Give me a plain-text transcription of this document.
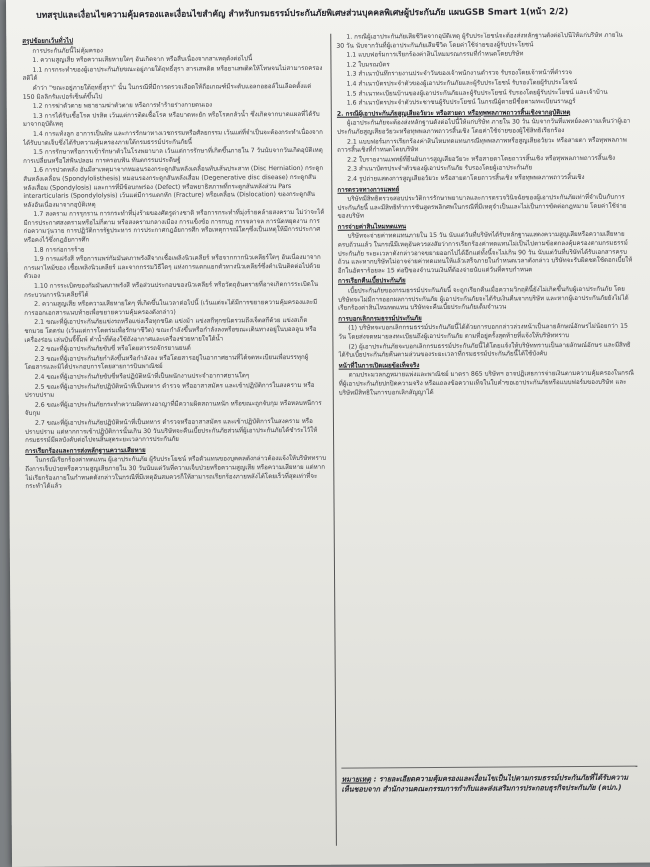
บทสรุปและเงื่อนไขความคุ้มครองและเงื่อนไขสำคัญ สำหรับกรมธรรม์ประกันภัยพิเศษส่วนบุคคลพิเศษผู้ประกันภัย แผนGSB Smart 1(หน้า 2/2)
สรุปข้อยกเว้นทั่วไป

การประกันภัยนี้ไม่คุ้มครอง

1. ความสูญเสีย หรือความเสียหายใดๆ อันเกิดจาก หรือสืบเนื่องจากสาเหตุดังต่อไปนี้

1.1 การกระทำของผู้เอาประกันภัยขณะอยู่ภายใต้ฤทธิ์สุรา สารเสพติด หรือยาเสพติดให้โทษจนไม่สามารถครองสติได้

คำว่า "ขณะอยู่ภายใต้ฤทธิ์สุรา" นั้น ในกรณีที่มีการตรวจเลือดให้ถือเกณฑ์มีระดับแอลกอฮอล์ในเลือดตั้งแต่ 150 มิลลิกรัมเปอร์เซ็นต์ขึ้นไป

1.2 การฆ่าตัวตาย พยายามฆ่าตัวตาย หรือการทำร้ายร่างกายตนเอง

1.3 การได้รับเชื้อโรค ปรสิต เว้นแต่การติดเชื้อโรค หรือบาดทะยัก หรือโรคกลัวน้ำ ซึ่งเกิดจากบาดแผลที่ได้รับมาจากอุบัติเหตุ

1.4 การแท้งลูก อาการเป็นพิษ และการรักษาทางเวชกรรมหรือศัลยกรรม เว้นแต่ที่จำเป็นจะต้องกระทำเนื่องจากได้รับบาดเจ็บซึ่งได้รับความคุ้มครองภายใต้กรมธรรม์ประกันภัยนี้

1.5 การรักษาหรือการเข้ารักษาตัวในโรงพยาบาล เว้นแต่การรักษาที่เกิดขึ้นภายใน 7 วันนับจากวันเกิดอุบัติเหตุ การเปลี่ยนหรือใส่ฟันปลอม การครอบฟัน ทันตกรรมประดิษฐ์

1.6 การปวดหลัง อันมีสาเหตุมาจากหมอนรองกระดูกสันหลังเคลื่อนทับเส้นประสาท (Disc Herniation) กระดูกสันหลังเคลื่อน (Spondylolisthesis) หมอนรองกระดูกสันหลังเสื่อม (Degenerative disc disease) กระดูกสันหลังเสื่อม (Spondylosis) และการที่มีข้อบกพร่อง (Defect) หรือพยาธิสภาพที่กระดูกสันหลังส่วน Pars interarticularis (Spondylolysis) เว้นแต่มีการแตกหัก (Fracture) หรือเคลื่อน (Dislocation) ของกระดูกสันหลังอันเนื่องมาจากอุบัติเหตุ

1.7 สงคราม การรุกราน การกระทำที่มุ่งร้ายของศัตรูต่างชาติ หรือการกระทำที่มุ่งร้ายคล้ายสงคราม ไม่ว่าจะได้มีการประกาศสงครามหรือไม่ก็ตาม หรือสงครามกลางเมือง การแข็งข้อ การกบฏ การจลาจล การนัดหยุดงาน การก่อความวุ่นวาย การปฏิวัติการรัฐประหาร การประกาศกฎอัยการศึก หรือเหตุการณ์ใดๆซึ่งเป็นเหตุให้มีการประกาศหรือคงไว้ซึ่งกฎอัยการศึก

1.8 การก่อการร้าย

1.9 การแผ่รังสี หรือการแพร่กัมมันตภาพรังสีจากเชื้อเพลิงนิวเคลียร์ หรือจากกากนิวเคลียร์ใดๆ อันเนื่องมาจากการเผาไหม้ของ เชื้อเพลิงนิวเคลียร์ และจากกรรมวิธีใดๆ แห่งการแตกแยกตัวทางนิวเคลียร์ซึ่งดำเนินติดต่อไปด้วยตัวเอง

1.10 การระเบิดของกัมมันตภาพรังสี หรือส่วนประกอบของนิวเคลียร์ หรือวัตถุอันตรายที่อาจเกิดการระเบิดในกระบวนการนิวเคลียร์ได้

2. ความสูญเสีย หรือความเสียหายใดๆ ที่เกิดขึ้นในเวลาต่อไปนี้ (เว้นแต่จะได้มีการขยายความคุ้มครองและมีการออกเอกสารแนบท้ายเพื่อขยายความคุ้มครองดังกล่าว)

2.1 ขณะที่ผู้เอาประกันภัยแข่งรถหรือแข่งเรือทุกชนิด แข่งม้า แข่งสกีทุกชนิดรวมถึงเจ็ตสกีด้วย แข่งสเก็ต ชกมวย โดดร่ม (เว้นแต่การโดดร่มเพื่อรักษาชีวิต) ขณะกำลังขึ้นหรือกำลังลงหรือขณะเดินทางอยู่ในบอลลูน หรือเครื่องร่อน เล่นบันจี้จั๊มพ์ ดำน้ำที่ต้องใช้ถังอากาศและเครื่องช่วยหายใจใต้น้ำ

2.2 ขณะที่ผู้เอาประกันภัยขับขี่ หรือโดยสารรถจักรยานยนต์

2.3 ขณะที่ผู้เอาประกันภัยกำลังขึ้นหรือกำลังลง หรือโดยสารอยู่ในอากาศยานที่ได้จดทะเบียนเพื่อบรรทุกผู้โดยสารและมิได้ประกอบการโดยสายการบินพาณิชย์

2.4 ขณะที่ผู้เอาประกันภัยขับขี่หรือปฏิบัติหน้าที่เป็นพนักงานประจำอากาศยานใดๆ

2.5 ขณะที่ผู้เอาประกันภัยปฏิบัติหน้าที่เป็นทหาร ตำรวจ หรืออาสาสมัคร และเข้าปฏิบัติการในสงคราม หรือปราบปราม

2.6 ขณะที่ผู้เอาประกันภัยกระทำความผิดทางอาญาที่มีความผิดสถานหนัก หรือขณะถูกจับกุม หรือหลบหนีการจับกุม

2.7 ขณะที่ผู้เอาประกันภัยปฏิบัติหน้าที่เป็นทหาร ตำรวจหรืออาสาสมัคร และเข้าปฏิบัติการในสงคราม หรือปราบปราม แต่หากการเข้าปฏิบัติการนั้นเกิน 30 วันบริษัทจะคืนเบี้ยประกันภัยส่วนที่ผู้เอาประกันภัยได้ชำระไว้ให้กรมธรรม์มีผลบังคับต่อไปจนสิ้นสุดระยะเวลาการประกันภัย

การเรียกร้องและการส่งหลักฐานความเสียหาย

ในกรณีเรียกร้องค่าทดแทน ผู้เอาประกันภัย ผู้รับประโยชน์ หรือตัวแทนของบุคคลดังกล่าวต้องแจ้งให้บริษัททราบถึงการเจ็บป่วยหรือความสูญเสียภายใน 30 วันนับแต่วันที่ความเจ็บป่วยหรือความสูญเสีย หรือความเสียหาย แต่หากไม่เรียกร้องภายในกำหนดดังกล่าวในกรณีที่มีเหตุอันสมควรก็ให้สามารถเรียกร้องภายหลังได้โดยเร็วที่สุดเท่าที่จะกระทำได้แล้ว

1. กรณีผู้เอาประกันภัยเสียชีวิตจากอุบัติเหตุ ผู้รับประโยชน์จะต้องส่งหลักฐานดังต่อไปนี้ให้แก่บริษัท ภายใน 30 วัน นับจากวันที่ผู้เอาประกันภัยเสียชีวิต โดยค่าใช้จ่ายของผู้รับประโยชน์

1.1 แบบฟอร์มการเรียกร้องค่าสินไหมมรณกรรมที่กำหนดโดยบริษัท

1.2 ใบมรณบัตร

1.3 สำเนาบันทึกรายงานประจำวันของเจ้าพนักงานตำรวจ รับรองโดยเจ้าหน้าที่ตำรวจ

1.4 สำเนาบัตรประจำตัวของผู้เอาประกันภัยและผู้รับประโยชน์ รับรองโดยผู้รับประโยชน์

1.5 สำเนาทะเบียนบ้านของผู้เอาประกันภัยและผู้รับประโยชน์ รับรองโดยผู้รับประโยชน์ และเจ้าบ้าน

1.6 สำเนาบัตรประจำตัวประชาชนผู้รับประโยชน์ ในกรณีผู้ตายมีชื่อตามทะเบียนราษฎร์

2. กรณีผู้เอาประกันภัยสูญเสียอวัยวะ หรือสายตา หรือทุพพลภาพถาวรสิ้นเชิงจากอุบัติเหตุ

ผู้เอาประกันภัยจะต้องส่งหลักฐานดังต่อไปนี้ให้แก่บริษัท ภายใน 30 วัน นับจากวันที่แพทย์ลงความเห็นว่าผู้เอาประกันภัยสูญเสียอวัยวะหรือทุพพลภาพถาวรสิ้นเชิง โดยค่าใช้จ่ายของผู้ใช้สิทธิเรียกร้อง

2.1 แบบฟอร์มการเรียกร้องค่าสินไหมทดแทนกรณีทุพพลภาพหรือสูญเสียอวัยวะ หรือสายตา หรือทุพพลภาพถาวรสิ้นเชิงที่กำหนดโดยบริษัท

2.2 ใบรายงานแพทย์ที่ยืนยันการสูญเสียอวัยวะ หรือสายตาโดยถาวรสิ้นเชิง หรือทุพพลภาพถาวรสิ้นเชิง

2.3 สำเนาบัตรประจำตัวของผู้เอาประกันภัย รับรองโดยผู้เอาประกันภัย

2.4 รูปถ่ายแสดงการสูญเสียอวัยวะ หรือสายตาโดยถาวรสิ้นเชิง หรือทุพพลภาพถาวรสิ้นเชิง

การตรวจทางการแพทย์

บริษัทมีสิทธิตรวจสอบประวัติการรักษาพยาบาลและการตรวจวินิจฉัยของผู้เอาประกันภัยเท่าที่จำเป็นกับการประกันภัยนี้ และมีสิทธิทำการชันสูตรพลิกศพในกรณีที่มีเหตุจำเป็นและไม่เป็นการขัดต่อกฎหมาย โดยค่าใช้จ่ายของบริษัท

การจ่ายค่าสินไหมทดแทน

บริษัทจะจ่ายค่าทดแทนภายใน 15 วัน นับแต่วันที่บริษัทได้รับหลักฐานแสดงความสูญเสียหรือความเสียหายครบถ้วนแล้ว ในกรณีมีเหตุอันควรสงสัยว่าการเรียกร้องค่าทดแทนไม่เป็นไปตามข้อตกลงคุ้มครองตามกรมธรรม์ประกันภัย ระยะเวลาดังกล่าวอาจขยายออกไปได้อีกแต่ทั้งนี้จะไม่เกิน 90 วัน นับแต่วันที่บริษัทได้รับเอกสารครบถ้วน และหากบริษัทไม่อาจจ่ายค่าทดแทนให้แล้วเสร็จภายในกำหนดเวลาดังกล่าว บริษัทจะรับผิดชดใช้ดอกเบี้ยให้อีกในอัตราร้อยละ 15 ต่อปีของจำนวนเงินที่ต้องจ่ายนับแต่วันที่ครบกำหนด

การเรียกคืนเบี้ยประกันภัย

เบี้ยประกันภัยของกรมธรรม์ประกันภัยนี้ จะถูกเรียกคืนเมื่อความวิกฤตินี้ยังไม่เกิดขึ้นกับผู้เอาประกันภัย โดยบริษัทจะไม่มีการออกผลการประกันภัย ผู้เอาประกันภัยจะได้รับเงินคืนจากบริษัท และหากผู้เอาประกันภัยยังไม่ได้เรียกร้องค่าสินไหมทดแทน บริษัทจะคืนเบี้ยประกันภัยเต็มจำนวน

การบอกเลิกกรมธรรม์ประกันภัย

(1) บริษัทจะบอกเลิกกรมธรรม์ประกันภัยนี้ได้ด้วยการบอกกล่าวล่วงหน้าเป็นลายลักษณ์อักษรไม่น้อยกว่า 15 วัน โดยส่งจดหมายลงทะเบียนถึงผู้เอาประกันภัย ตามที่อยู่ครั้งสุดท้ายที่แจ้งให้บริษัททราบ

(2) ผู้เอาประกันภัยจะบอกเลิกกรมธรรม์ประกันภัยนี้ได้โดยแจ้งให้บริษัททราบเป็นลายลักษณ์อักษร และมีสิทธิได้รับเบี้ยประกันภัยคืนตามส่วนของระยะเวลาที่กรมธรรม์ประกันภัยนี้ได้ใช้บังคับ

หน้าที่ในการเปิดเผยข้อเท็จจริง

ตามประมวลกฎหมายแพ่งและพาณิชย์ มาตรา 865 บริษัทฯ อาจปฏิเสธการจ่ายเงินตามความคุ้มครองในกรณีที่ผู้เอาประกันภัยปกปิดความจริง หรือแถลงข้อความเท็จในใบคำขอเอาประกันภัยหรือแบบฟอร์มของบริษัท และบริษัทมีสิทธิในการบอกเลิกสัญญาได้

หมายเหตุ : รายละเอียดความคุ้มครองและเงื่อนไขเป็นไปตามกรมธรรม์ประกันภัยที่ได้รับความเห็นชอบจาก สำนักงานคณะกรรมการกำกับและส่งเสริมการประกอบธุรกิจประกันภัย (คปภ.)
